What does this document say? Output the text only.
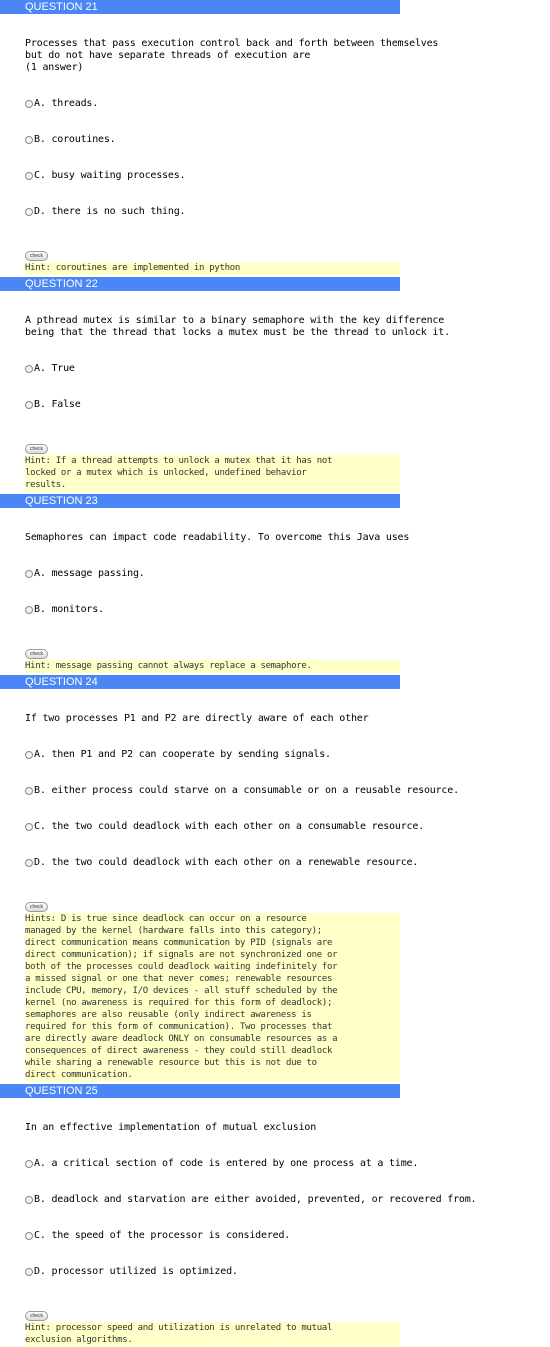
QUESTION 21

Processes that pass execution control back and forth between themselves
but do not have separate threads of execution are
(1 answer)

A. threads.

B. coroutines.

C. busy waiting processes.

D. there is no such thing.

check
Hint: coroutines are implemented in python
QUESTION 22

A pthread mutex is similar to a binary semaphore with the key difference
being that the thread that locks a mutex must be the thread to unlock it.

A. True

B. False

check
Hint: If a thread attempts to unlock a mutex that it has not
locked or a mutex which is unlocked, undefined behavior
results.
QUESTION 23

Semaphores can impact code readability. To overcome this Java uses

A. message passing.

B. monitors.

check
Hint: message passing cannot always replace a semaphore.
QUESTION 24

If two processes P1 and P2 are directly aware of each other

A. then P1 and P2 can cooperate by sending signals.

B. either process could starve on a consumable or on a reusable resource.

C. the two could deadlock with each other on a consumable resource.

D. the two could deadlock with each other on a renewable resource.

check
Hints: D is true since deadlock can occur on a resource
managed by the kernel (hardware falls into this category);
direct communication means communication by PID (signals are
direct communication); if signals are not synchronized one or
both of the processes could deadlock waiting indefinitely for
a missed signal or one that never comes; renewable resources
include CPU, memory, I/O devices - all stuff scheduled by the
kernel (no awareness is required for this form of deadlock);
semaphores are also reusable (only indirect awareness is
required for this form of communication). Two processes that
are directly aware deadlock ONLY on consumable resources as a
consequences of direct awareness - they could still deadlock
while sharing a renewable resource but this is not due to
direct communication.
QUESTION 25

In an effective implementation of mutual exclusion

A. a critical section of code is entered by one process at a time.

B. deadlock and starvation are either avoided, prevented, or recovered from.

C. the speed of the processor is considered.

D. processor utilized is optimized.

check
Hint: processor speed and utilization is unrelated to mutual
exclusion algorithms.
